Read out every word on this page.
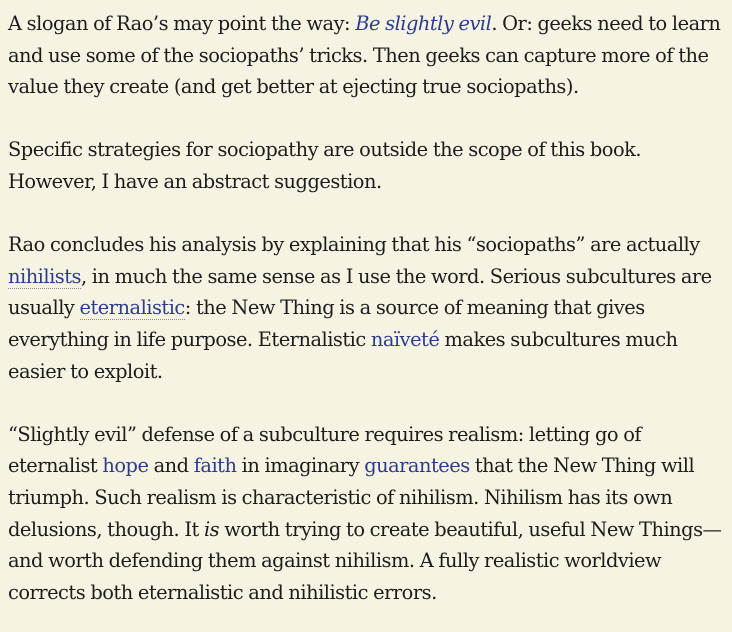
A slogan of Rao’s may point the way: Be slightly evil. Or: geeks need to learn and use some of the sociopaths’ tricks. Then geeks can capture more of the value they create (and get better at ejecting true sociopaths).

Specific strategies for sociopathy are outside the scope of this book. However, I have an abstract suggestion.

Rao concludes his analysis by explaining that his “sociopaths” are actually nihilists, in much the same sense as I use the word. Serious subcultures are usually eternalistic: the New Thing is a source of meaning that gives everything in life purpose. Eternalistic naïveté makes subcultures much easier to exploit.

“Slightly evil” defense of a subculture requires realism: letting go of eternalist hope and faith in imaginary guarantees that the New Thing will triumph. Such realism is characteristic of nihilism. Nihilism has its own delusions, though. It is worth trying to create beautiful, useful New Things—and worth defending them against nihilism. A fully realistic worldview corrects both eternalistic and nihilistic errors.
